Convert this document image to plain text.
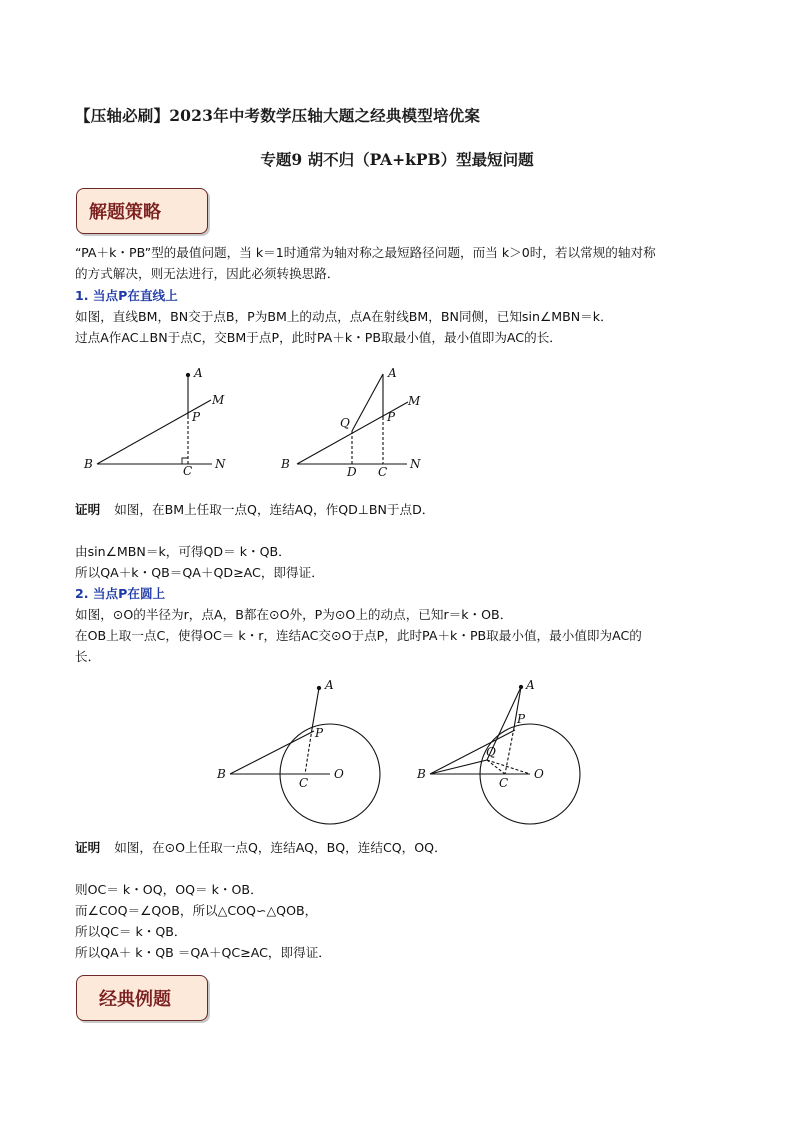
【压轴必刷】2023年中考数学压轴大题之经典模型培优案
专题9 胡不归（PA+kPB）型最短问题
解题策略
“PA＋k・PB”型的最值问题，当 k＝1时通常为轴对称之最短路径问题，而当 k＞0时，若以常规的轴对称
的方式解决，则无法进行，因此必须转换思路．
1. 当点P在直线上
如图，直线BM，BN交于点B，P为BM上的动点，点A在射线BM，BN同侧，已知sin∠MBN＝k．
过点A作AC⊥BN于点C，交BM于点P，此时PA＋k・PB取最小值，最小值即为AC的长．
A
M
P
B	C N
A
M
P
Q
B
D C
N
证明 如图，在BM上任取一点Q，连结AQ，作QD⊥BN于点D．
由sin∠MBN＝k，可得QD＝ k・QB．
所以QA＋k・QB＝QA＋QD≥AC，即得证．
2. 当点P在圆上
如图，⊙O的半径为r，点A，B都在⊙O外，P为⊙O上的动点，已知r＝k・OB．
在OB上取一点C，使得OC＝ k・r，连结AC交⊙O于点P，此时PA＋k・PB取最小值，最小值即为AC的
长．
A
P
B
C
O
A
P
Q
B
C
O
证明 如图，在⊙O上任取一点Q，连结AQ，BQ，连结CQ，OQ．
则OC＝ k・OQ，OQ＝ k・OB．
而∠COQ＝∠QOB，所以△COQ∽△QOB，
所以QC＝ k・QB．
所以QA＋ k・QB ＝QA＋QC≥AC，即得证．
经典例题
